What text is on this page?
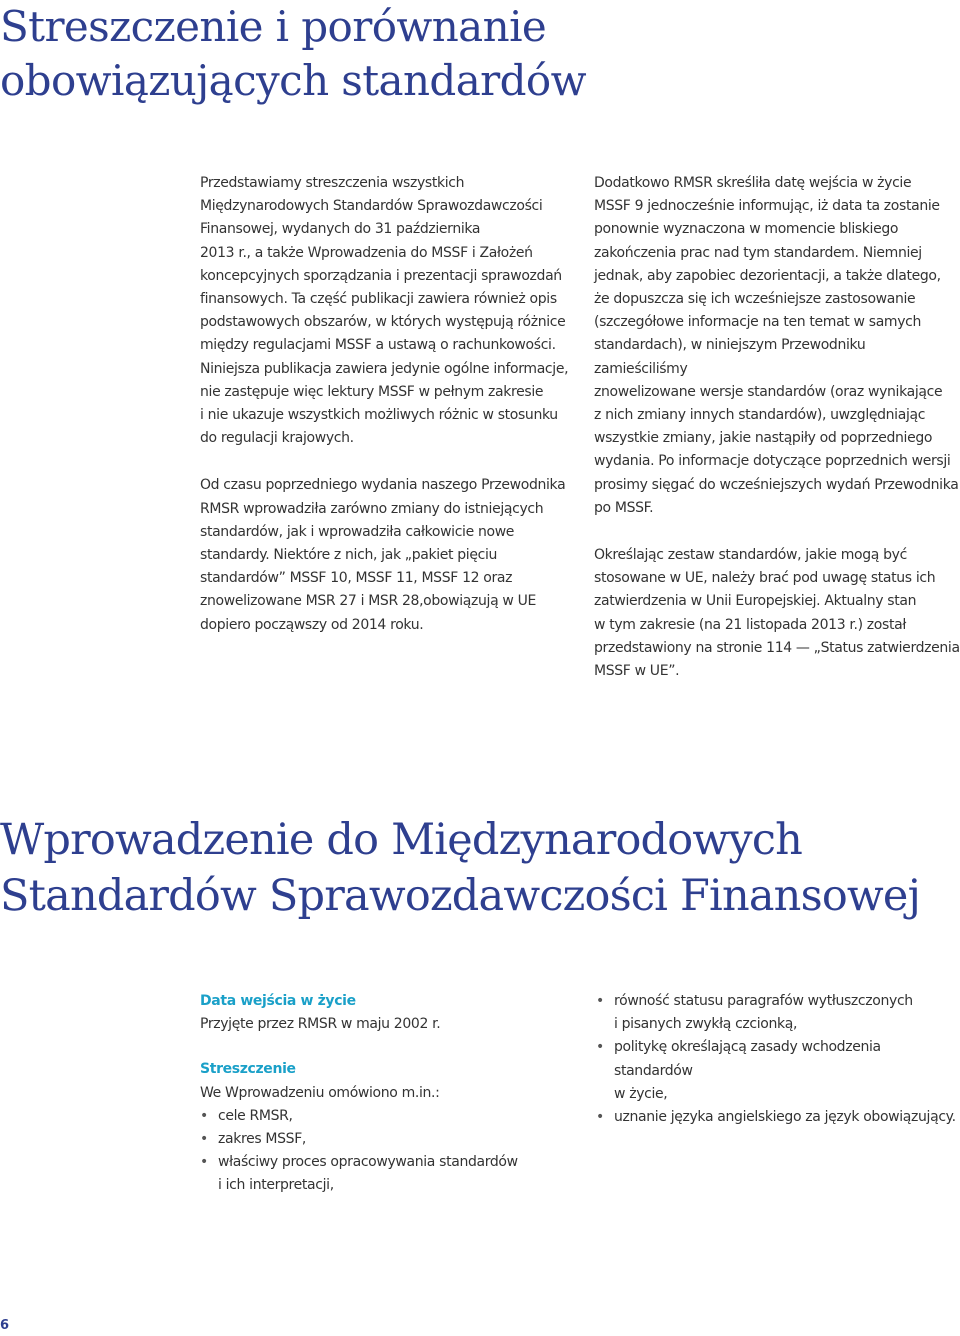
Streszczenie i porównanie
obowiązujących standardów

Przedstawiamy streszczenia wszystkich
Międzynarodowych Standardów Sprawozdawczości
Finansowej, wydanych do 31 października
2013 r., a także Wprowadzenia do MSSF i Założeń
koncepcyjnych sporządzania i prezentacji sprawozdań
finansowych. Ta część publikacji zawiera również opis
podstawowych obszarów, w których występują różnice
między regulacjami MSSF a ustawą o rachunkowości.
Niniejsza publikacja zawiera jedynie ogólne informacje,
nie zastępuje więc lektury MSSF w pełnym zakresie
i nie ukazuje wszystkich możliwych różnic w stosunku
do regulacji krajowych.

Od czasu poprzedniego wydania naszego Przewodnika
RMSR wprowadziła zarówno zmiany do istniejących
standardów, jak i wprowadziła całkowicie nowe
standardy. Niektóre z nich, jak „pakiet pięciu
standardów” MSSF 10, MSSF 11, MSSF 12 oraz
znowelizowane MSR 27 i MSR 28,obowiązują w UE
dopiero począwszy od 2014 roku.

Dodatkowo RMSR skreśliła datę wejścia w życie
MSSF 9 jednocześnie informując, iż data ta zostanie
ponownie wyznaczona w momencie bliskiego
zakończenia prac nad tym standardem. Niemniej
jednak, aby zapobiec dezorientacji, a także dlatego,
że dopuszcza się ich wcześniejsze zastosowanie
(szczegółowe informacje na ten temat w samych
standardach), w niniejszym Przewodniku zamieściliśmy
znowelizowane wersje standardów (oraz wynikające
z nich zmiany innych standardów), uwzględniając
wszystkie zmiany, jakie nastąpiły od poprzedniego
wydania. Po informacje dotyczące poprzednich wersji
prosimy sięgać do wcześniejszych wydań Przewodnika
po MSSF.

Określając zestaw standardów, jakie mogą być
stosowane w UE, należy brać pod uwagę status ich
zatwierdzenia w Unii Europejskiej. Aktualny stan
w tym zakresie (na 21 listopada 2013 r.) został
przedstawiony na stronie 114 — „Status zatwierdzenia
MSSF w UE”.

Wprowadzenie do Międzynarodowych
Standardów Sprawozdawczości Finansowej
Data wejścia w życie
Przyjęte przez RMSR w maju 2002 r.
Streszczenie
We Wprowadzeniu omówiono m.in.:
• cele RMSR,
• zakres MSSF,
• właściwy proces opracowywania standardów
i ich interpretacji,
• równość statusu paragrafów wytłuszczonych
i pisanych zwykłą czcionką,
• politykę określającą zasady wchodzenia standardów
w życie,
• uznanie języka angielskiego za język obowiązujący.
6
